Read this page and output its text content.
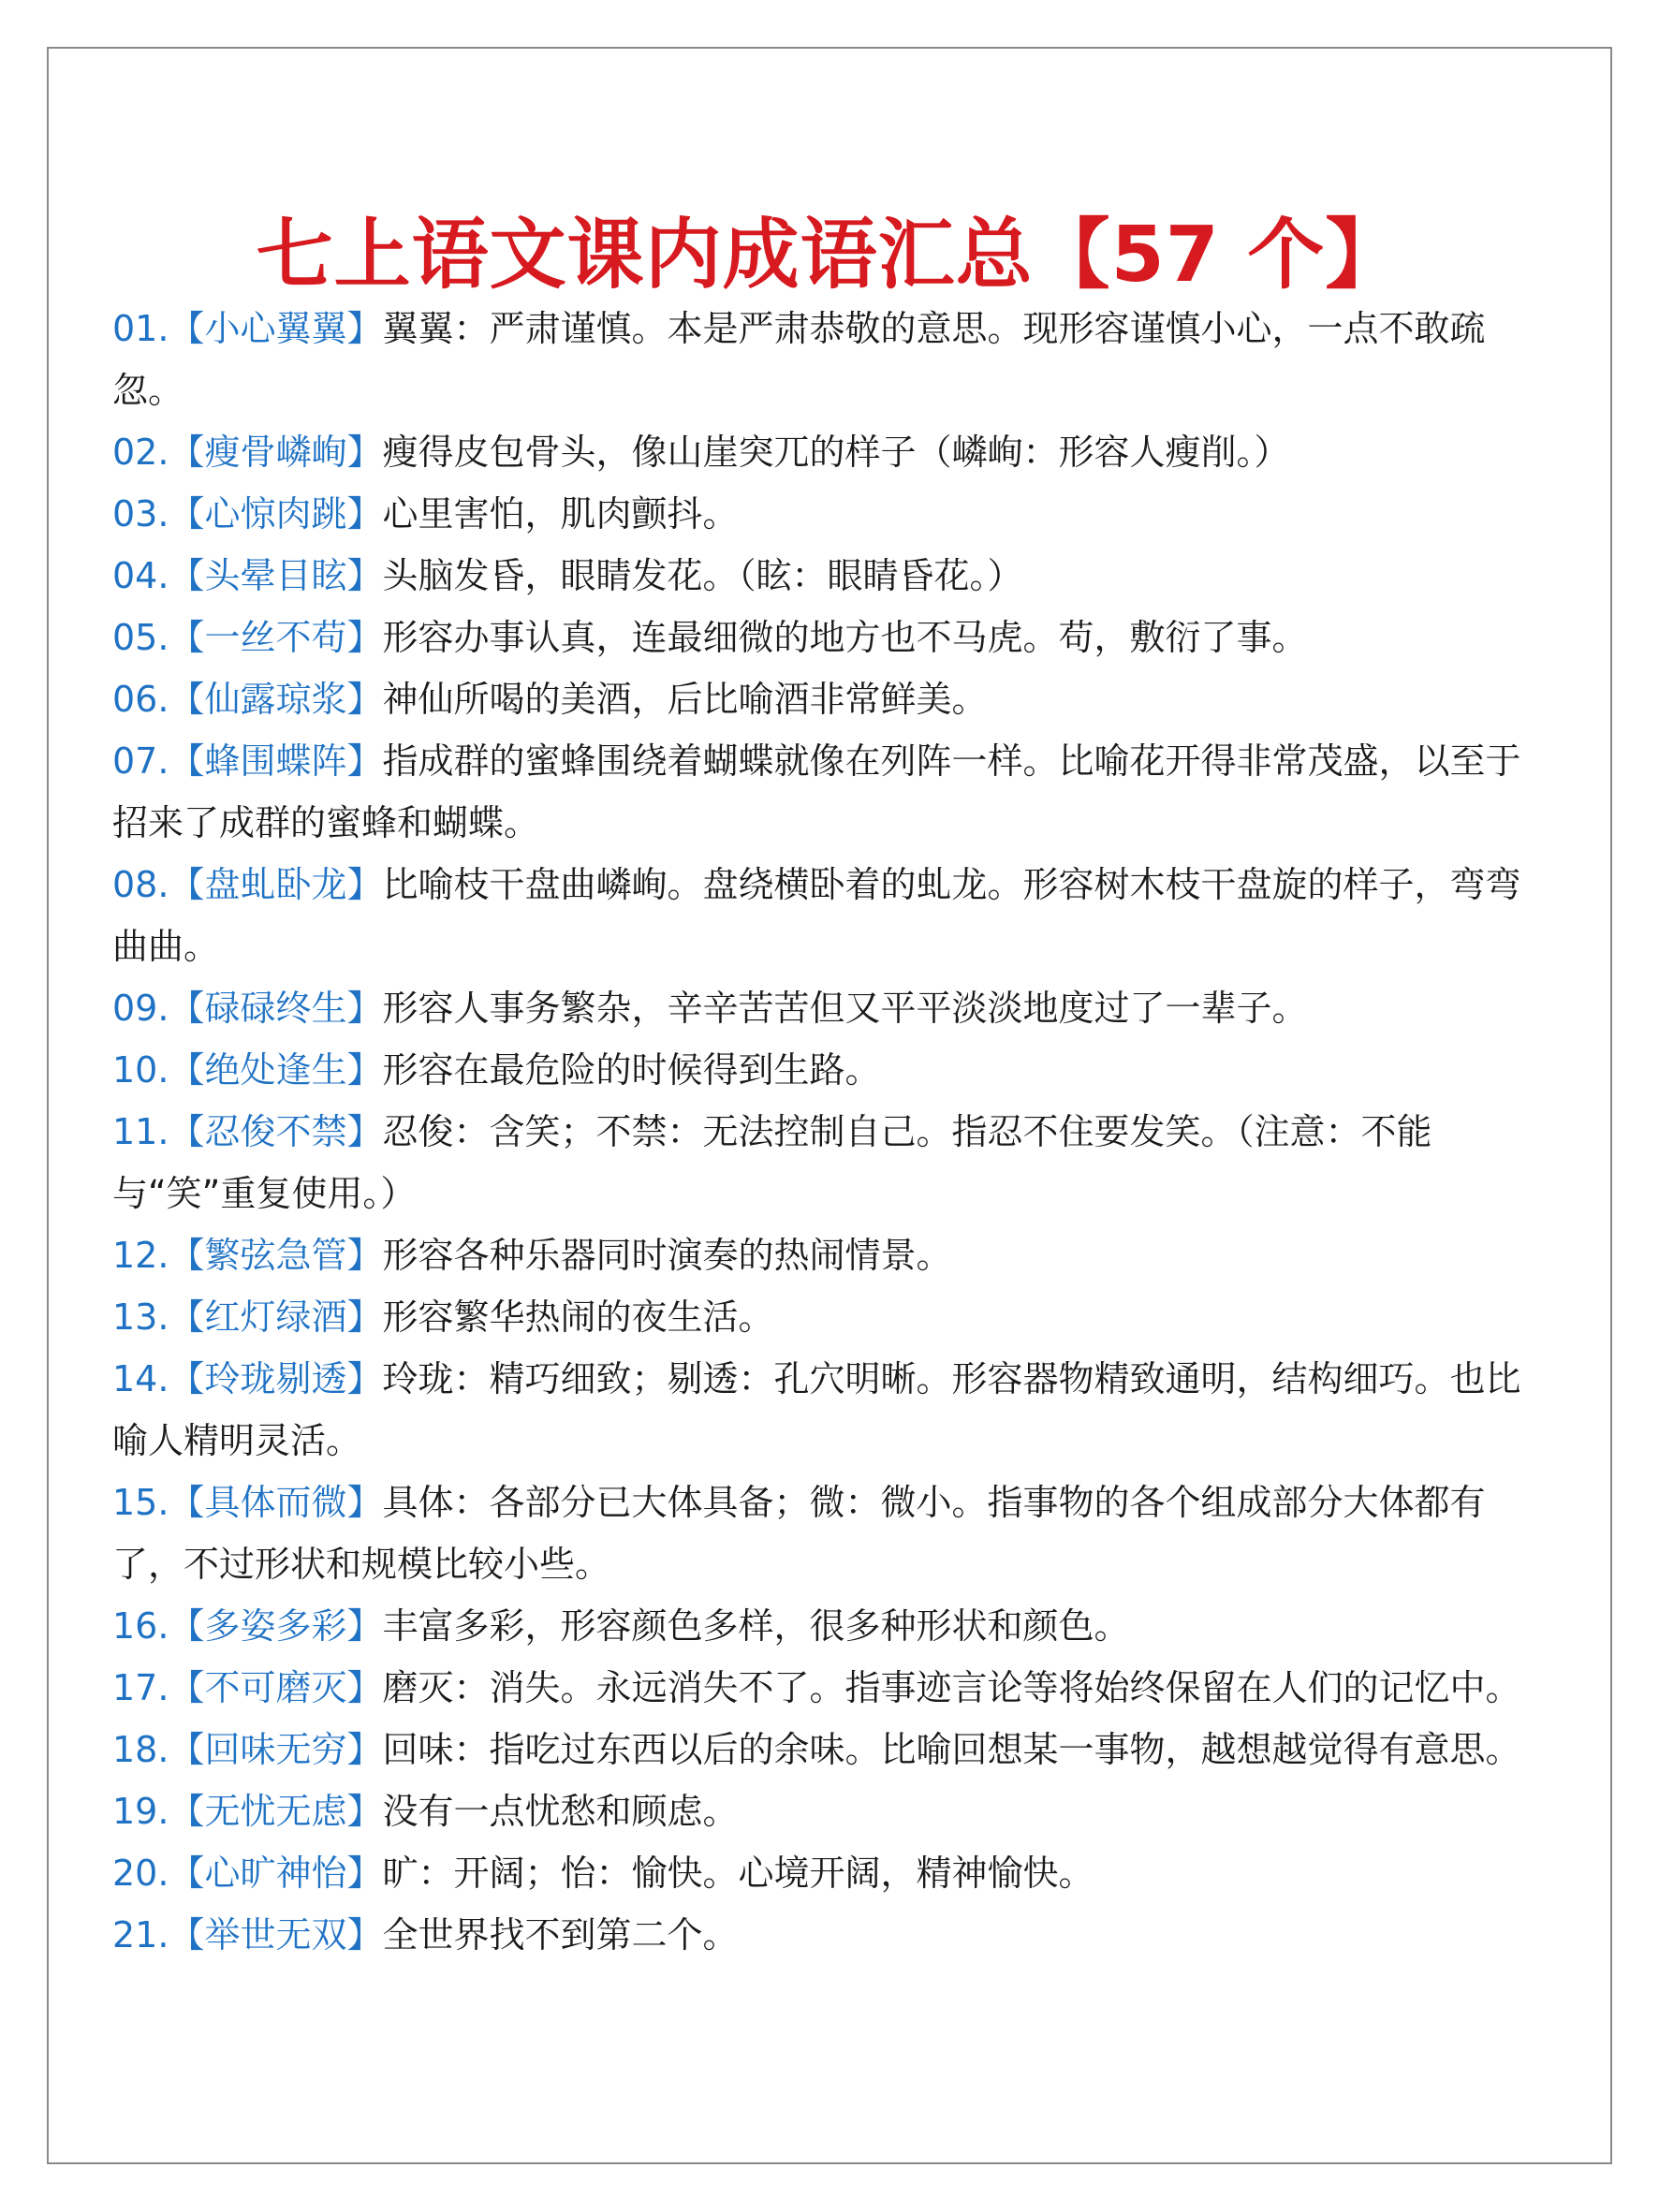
七上语文课内成语汇总【57 个】
01.【小心翼翼】翼翼：严肃谨慎。本是严肃恭敬的意思。现形容谨慎小心，一点不敢疏忽。
02.【瘦骨嶙峋】瘦得皮包骨头，像山崖突兀的样子（嶙峋：形容人瘦削。）
03.【心惊肉跳】心里害怕，肌肉颤抖。
04.【头晕目眩】头脑发昏，眼睛发花。（眩：眼睛昏花。）
05.【一丝不苟】形容办事认真，连最细微的地方也不马虎。苟，敷衍了事。
06.【仙露琼浆】神仙所喝的美酒，后比喻酒非常鲜美。
07.【蜂围蝶阵】指成群的蜜蜂围绕着蝴蝶就像在列阵一样。比喻花开得非常茂盛，以至于招来了成群的蜜蜂和蝴蝶。
08.【盘虬卧龙】比喻枝干盘曲嶙峋。盘绕横卧着的虬龙。形容树木枝干盘旋的样子，弯弯曲曲。
09.【碌碌终生】形容人事务繁杂，辛辛苦苦但又平平淡淡地度过了一辈子。
10.【绝处逢生】形容在最危险的时候得到生路。
11.【忍俊不禁】忍俊：含笑；不禁：无法控制自己。指忍不住要发笑。（注意：不能与“笑”重复使用。）
12.【繁弦急管】形容各种乐器同时演奏的热闹情景。
13.【红灯绿酒】形容繁华热闹的夜生活。
14.【玲珑剔透】玲珑：精巧细致；剔透：孔穴明晰。形容器物精致通明，结构细巧。也比喻人精明灵活。
15.【具体而微】具体：各部分已大体具备；微：微小。指事物的各个组成部分大体都有了，不过形状和规模比较小些。
16.【多姿多彩】丰富多彩，形容颜色多样，很多种形状和颜色。
17.【不可磨灭】磨灭：消失。永远消失不了。指事迹言论等将始终保留在人们的记忆中。
18.【回味无穷】回味：指吃过东西以后的余味。比喻回想某一事物，越想越觉得有意思。
19.【无忧无虑】没有一点忧愁和顾虑。
20.【心旷神怡】旷：开阔；怡：愉快。心境开阔，精神愉快。
21.【举世无双】全世界找不到第二个。
